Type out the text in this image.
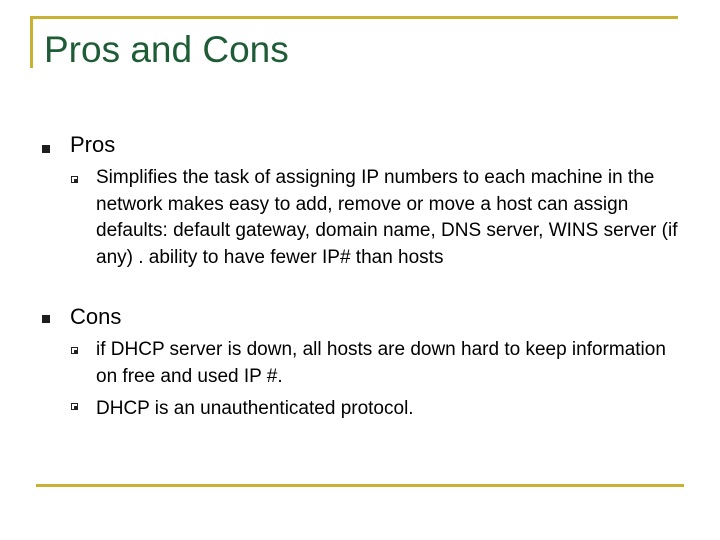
Pros and Cons
Pros
Simplifies the task of assigning IP numbers to each machine in the network makes easy to add, remove or move a host can assign defaults: default gateway, domain name, DNS server, WINS server (if any) . ability to have fewer IP# than hosts
Cons
if DHCP server is down, all hosts are down hard to keep information on free and used IP #.
DHCP is an unauthenticated protocol.
